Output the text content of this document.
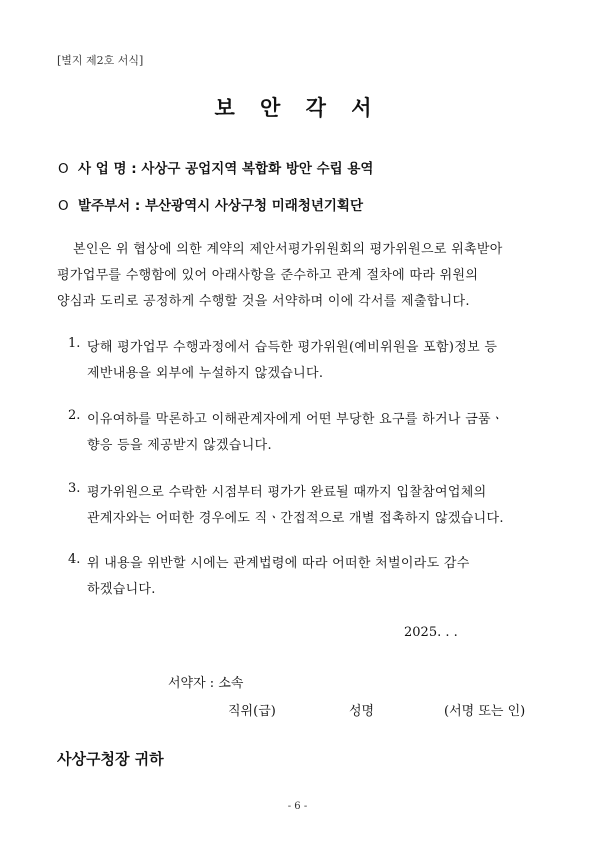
[별지 제2호 서식]
보 안 각 서
O 사 업 명 : 사상구 공업지역 복합화 방안 수립 용역
O 발주부서 : 부산광역시 사상구청 미래청년기획단
본인은 위 협상에 의한 계약의 제안서평가위원회의 평가위원으로 위촉받아
평가업무를 수행함에 있어 아래사항을 준수하고 관계 절차에 따라 위원의
양심과 도리로 공정하게 수행할 것을 서약하며 이에 각서를 제출합니다.
1. 당해 평가업무 수행과정에서 습득한 평가위원(예비위원을 포함)정보 등
제반내용을 외부에 누설하지 않겠습니다.
2. 이유여하를 막론하고 이해관계자에게 어떤 부당한 요구를 하거나 금품ㆍ
향응 등을 제공받지 않겠습니다.
3. 평가위원으로 수락한 시점부터 평가가 완료될 때까지 입찰참여업체의
관계자와는 어떠한 경우에도 직ㆍ간접적으로 개별 접촉하지 않겠습니다.
4. 위 내용을 위반할 시에는 관계법령에 따라 어떠한 처벌이라도 감수
하겠습니다.
2025. . .
서약자 : 소속
직위(급)	성명	(서명 또는 인)
사상구청장 귀하
- 6 -
